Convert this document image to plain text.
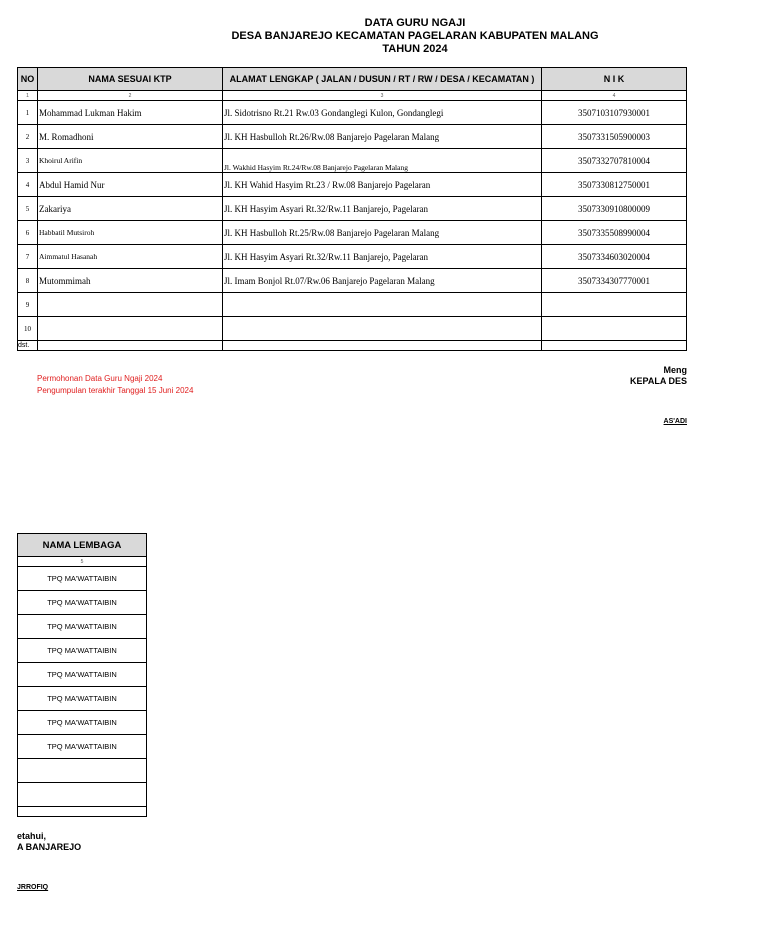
DATA GURU NGAJI
DESA BANJAREJO KECAMATAN PAGELARAN KABUPATEN MALANG
TAHUN 2024
NO	NAMA SESUAI KTP	ALAMAT LENGKAP ( JALAN / DUSUN / RT / RW / DESA / KECAMATAN )	N I K
1	2	3	4
1	Mohammad Lukman Hakim	Jl. Sidotrisno Rt.21 Rw.03 Gondanglegi Kulon, Gondanglegi	3507103107930001
2	M. Romadhoni	Jl. KH Hasbulloh Rt.26/Rw.08 Banjarejo Pagelaran Malang	3507331505900003
3	Khoirul Arifin	Jl. Wakhid Hasyim Rt.24/Rw.08 Banjarejo Pagelaran Malang	3507332707810004
4	Abdul Hamid Nur	Jl. KH Wahid Hasyim Rt.23 / Rw.08 Banjarejo Pagelaran	3507330812750001
5	Zakariya	Jl. KH Hasyim Asyari Rt.32/Rw.11 Banjarejo, Pagelaran	3507330910800009
6	Habbatil Mutsiroh	Jl. KH Hasbulloh Rt.25/Rw.08 Banjarejo Pagelaran Malang	3507335508990004
7	Aimmatul Hasanah	Jl. KH Hasyim Asyari Rt.32/Rw.11 Banjarejo, Pagelaran	3507334603020004
8	Mutommimah	Jl. Imam Bonjol Rt.07/Rw.06 Banjarejo Pagelaran Malang	3507334307770001
9			
10			
dst.			
Permohonan Data Guru Ngaji 2024
Pengumpulan terakhir Tanggal 15 Juni 2024
Meng
KEPALA DES
AS'ADI
NAMA LEMBAGA
5
TPQ MA'WATTAIBIN
TPQ MA'WATTAIBIN
TPQ MA'WATTAIBIN
TPQ MA'WATTAIBIN
TPQ MA'WATTAIBIN
TPQ MA'WATTAIBIN
TPQ MA'WATTAIBIN
TPQ MA'WATTAIBIN

etahui,
A BANJAREJO
JRROFIQ
